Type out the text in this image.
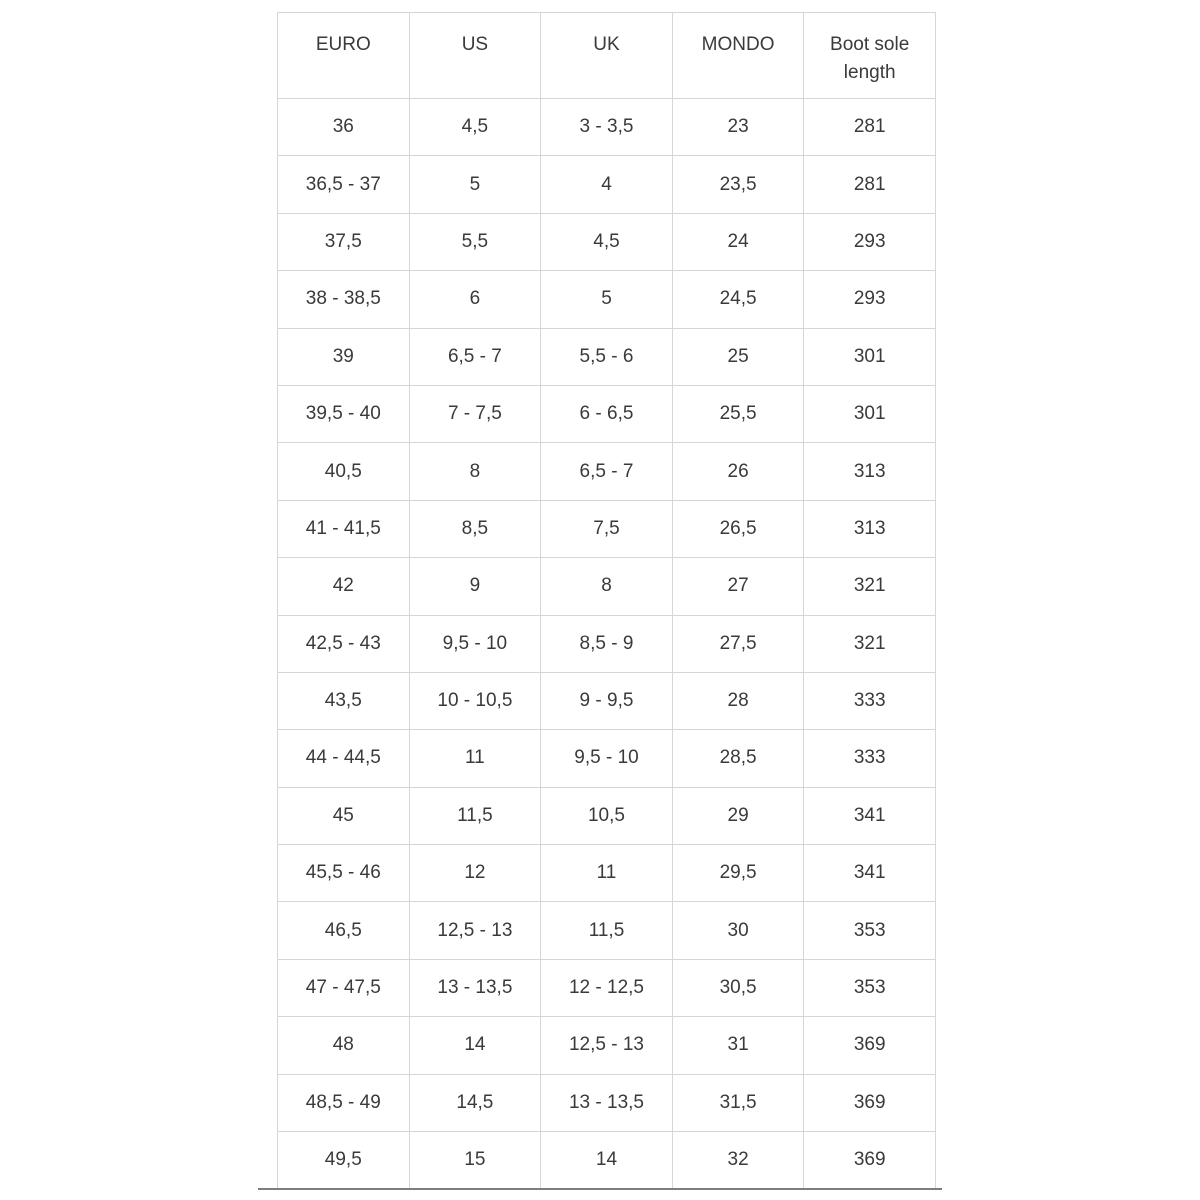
EURO	US	UK	MONDO	Boot sole length
36	4,5	3 - 3,5	23	281
36,5 - 37	5	4	23,5	281
37,5	5,5	4,5	24	293
38 - 38,5	6	5	24,5	293
39	6,5 - 7	5,5 - 6	25	301
39,5 - 40	7 - 7,5	6 - 6,5	25,5	301
40,5	8	6,5 - 7	26	313
41 - 41,5	8,5	7,5	26,5	313
42	9	8	27	321
42,5 - 43	9,5 - 10	8,5 - 9	27,5	321
43,5	10 - 10,5	9 - 9,5	28	333
44 - 44,5	11	9,5 - 10	28,5	333
45	11,5	10,5	29	341
45,5 - 46	12	11	29,5	341
46,5	12,5 - 13	11,5	30	353
47 - 47,5	13 - 13,5	12 - 12,5	30,5	353
48	14	12,5 - 13	31	369
48,5 - 49	14,5	13 - 13,5	31,5	369
49,5	15	14	32	369
